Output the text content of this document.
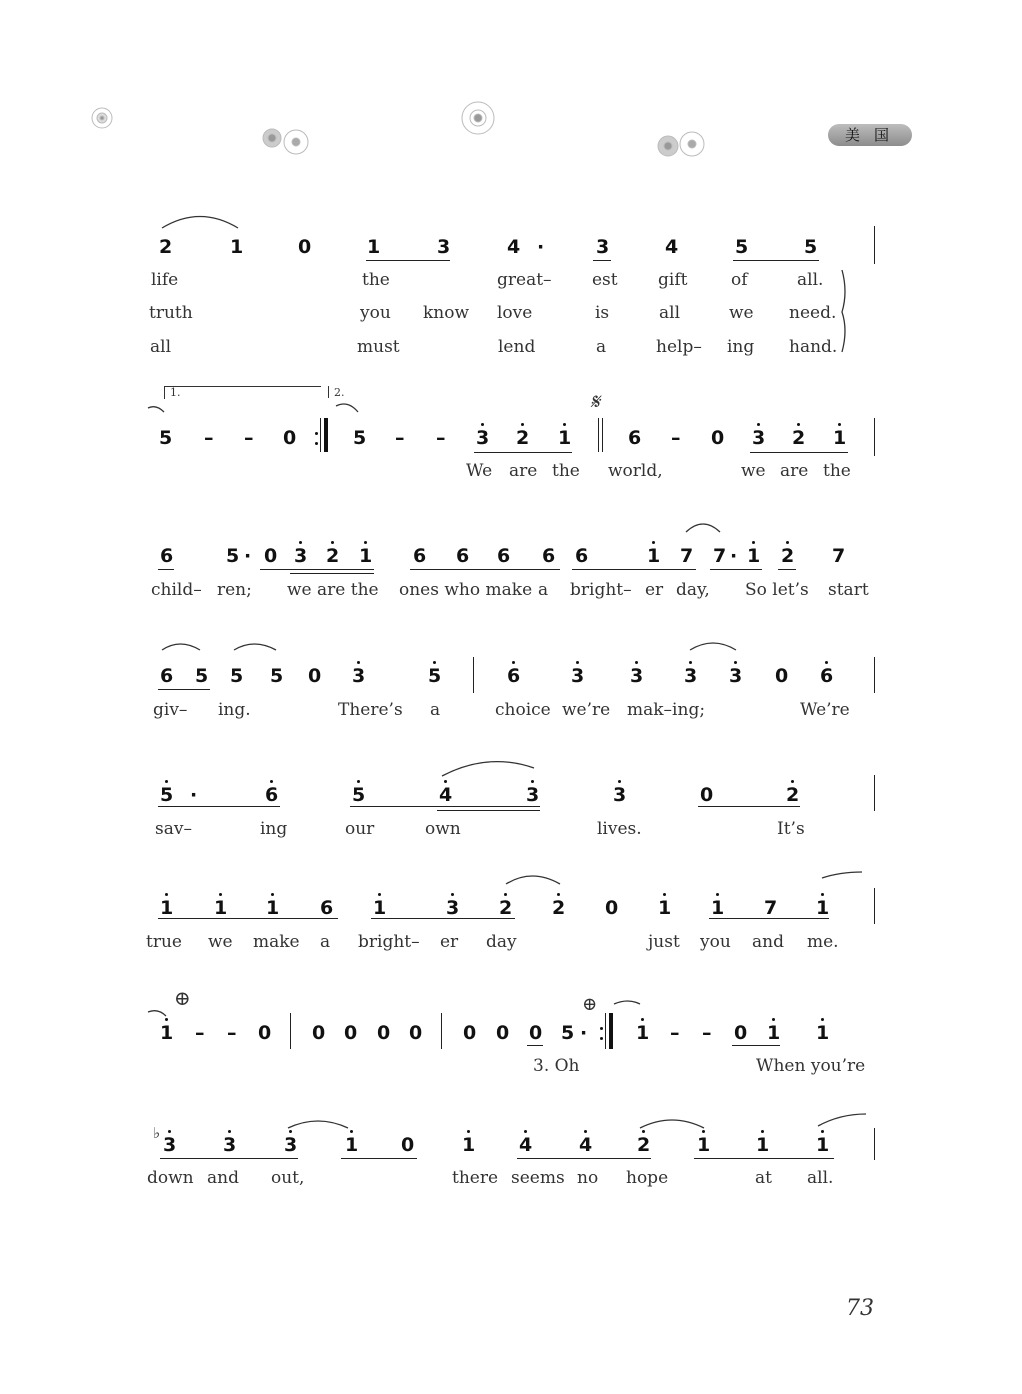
美国
2	1	0	1	3	4 ·	3	4	5	5
life	the	great– est gift	of	all.
truth	you know love	is	all	we need.
all	must	lend	a	help– ing hand.
5 – – 0	5 – – 3 2 1	6 – 0 3 2 1
1.	2.	𝄋
We are the world,	we are the
6	5 · 0 3 2 1 6 6 6 6 6	1 7 7 · 1 2 7
child– ren; we are the ones who make a bright– er day, So let’s start
6 5 5 5 0 3	5	6	3 3 3 3 0 6
giv– ing.	There’s a	choice we’re mak–ing;	We’re
5 ·	6	5	4	3	3	0	2
sav–	ing	our	own	lives.	It’s
1 1 1 6 1	3 2 2 0 1 1 7 1
true we make a bright– er day	just you and me.
1 – – 0 0 0 0 0 0 0 0 5 ·	1 – – 0 1 1
⊕	⊕
3. Oh	When you’re
♭
3 3	3	1 0	1 4 4 2 1 1 1
down and out,	there seems no hope	at all.
73
